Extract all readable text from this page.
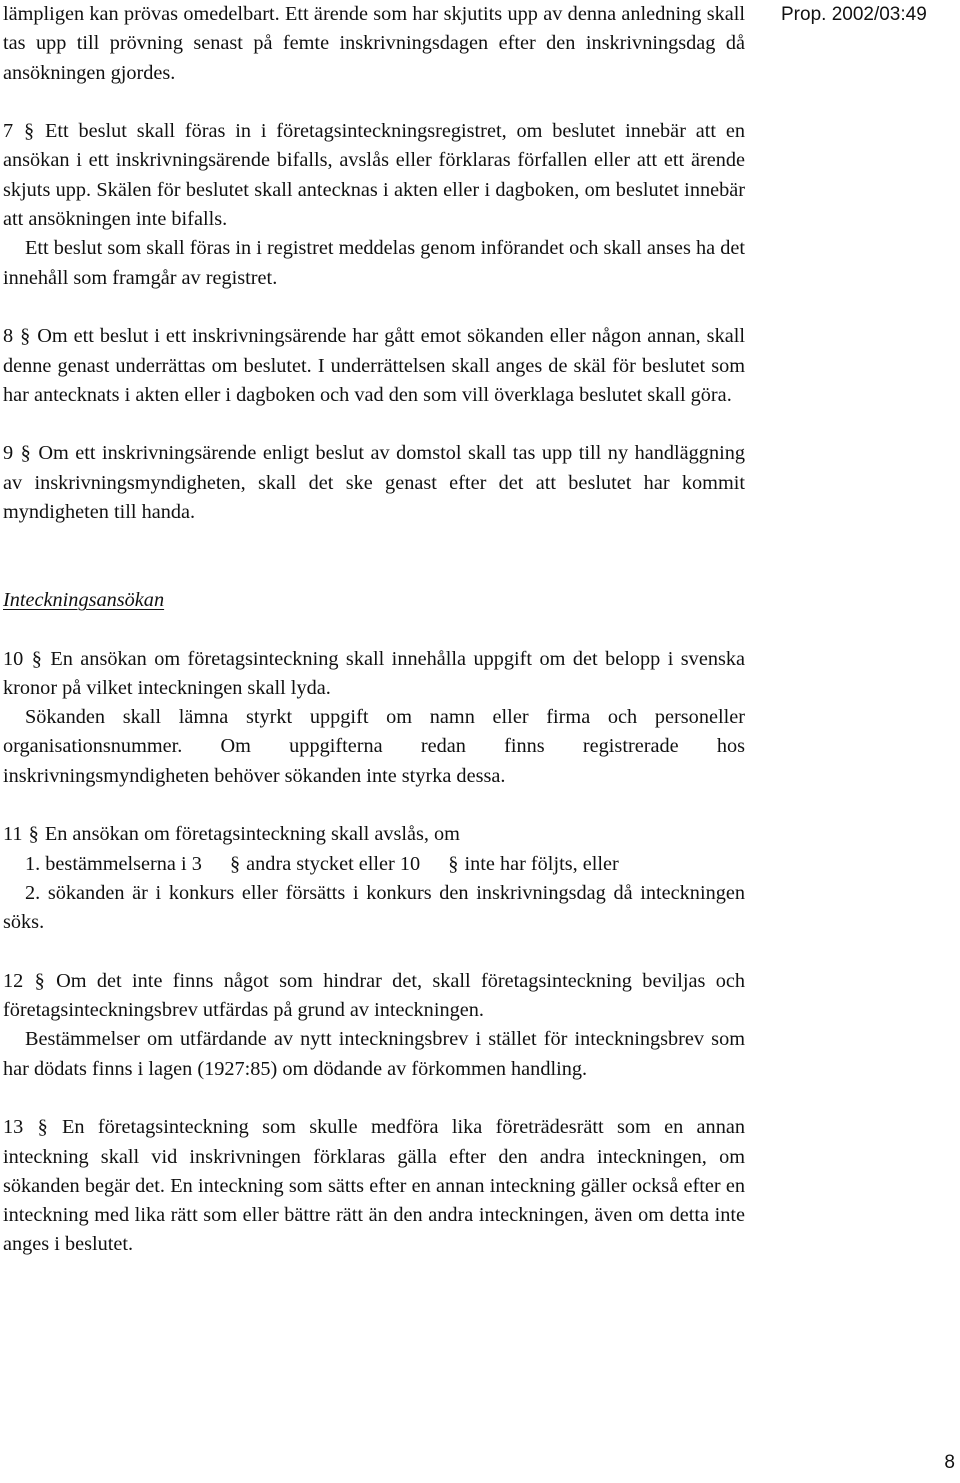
Prop. 2002/03:49

lämpligen kan prövas omedelbart. Ett ärende som har skjutits upp av denna anledning skall tas upp till prövning senast på femte inskrivningsdagen efter den inskrivningsdag då ansökningen gjordes.

7 § Ett beslut skall föras in i företagsinteckningsregistret, om beslutet innebär att en ansökan i ett inskrivningsärende bifalls, avslås eller förklaras förfallen eller att ett ärende skjuts upp. Skälen för beslutet skall antecknas i akten eller i dagboken, om beslutet innebär att ansökningen inte bifalls.

Ett beslut som skall föras in i registret meddelas genom införandet och skall anses ha det innehåll som framgår av registret.

8 § Om ett beslut i ett inskrivningsärende har gått emot sökanden eller någon annan, skall denne genast underrättas om beslutet. I underrättelsen skall anges de skäl för beslutet som har antecknats i akten eller i dagboken och vad den som vill överklaga beslutet skall göra.

9 § Om ett inskrivningsärende enligt beslut av domstol skall tas upp till ny handläggning av inskrivningsmyndigheten, skall det ske genast efter det att beslutet har kommit myndigheten till handa.

Inteckningsansökan

10 § En ansökan om företagsinteckning skall innehålla uppgift om det belopp i svenska kronor på vilket inteckningen skall lyda.

Sökanden skall lämna styrkt uppgift om namn eller firma och personeller organisationsnummer. Om uppgifterna redan finns registrerade hos inskrivningsmyndigheten behöver sökanden inte styrka dessa.

11 § En ansökan om företagsinteckning skall avslås, om

1. bestämmelserna i 3 § andra stycket eller 10 § inte har följts, eller

2. sökanden är i konkurs eller försätts i konkurs den inskrivningsdag då inteckningen söks.

12 § Om det inte finns något som hindrar det, skall företagsinteckning beviljas och företagsinteckningsbrev utfärdas på grund av inteckningen.

Bestämmelser om utfärdande av nytt inteckningsbrev i stället för inteckningsbrev som har dödats finns i lagen (1927:85) om dödande av förkommen handling.

13 § En företagsinteckning som skulle medföra lika företrädesrätt som en annan inteckning skall vid inskrivningen förklaras gälla efter den andra inteckningen, om sökanden begär det. En inteckning som sätts efter en annan inteckning gäller också efter en inteckning med lika rätt som eller bättre rätt än den andra inteckningen, även om detta inte anges i beslutet.

8
